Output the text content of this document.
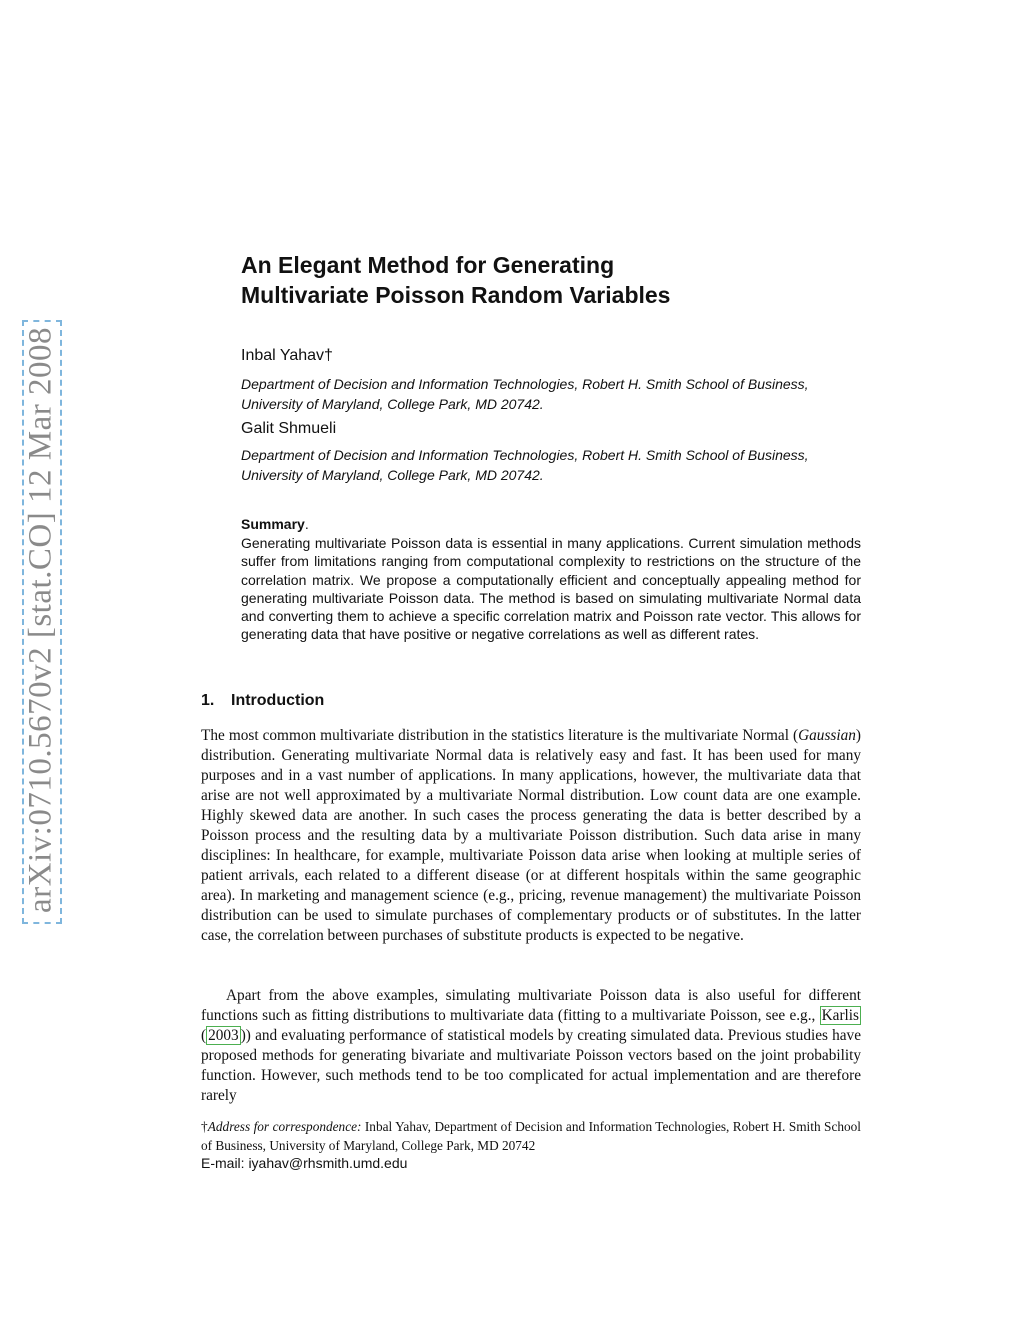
arXiv:0710.5670v2 [stat.CO] 12 Mar 2008
An Elegant Method for Generating
Multivariate Poisson Random Variables
Inbal Yahav†
Department of Decision and Information Technologies, Robert H. Smith School of Business,
University of Maryland, College Park, MD 20742.
Galit Shmueli
Department of Decision and Information Technologies, Robert H. Smith School of Business,
University of Maryland, College Park, MD 20742.
Summary.
Generating multivariate Poisson data is essential in many applications. Current simulation methods suffer from limitations ranging from computational complexity to restrictions on the structure of the correlation matrix. We propose a computationally efficient and conceptually appealing method for generating multivariate Poisson data. The method is based on simulating multivariate Normal data and converting them to achieve a specific correlation matrix and Poisson rate vector. This allows for generating data that have positive or negative correlations as well as different rates.
1. Introduction

The most common multivariate distribution in the statistics literature is the multivariate Normal (Gaussian) distribution. Generating multivariate Normal data is relatively easy and fast. It has been used for many purposes and in a vast number of applications. In many applications, however, the multivariate data that arise are not well approximated by a multivariate Normal distribution. Low count data are one example. Highly skewed data are another. In such cases the process generating the data is better described by a Poisson process and the resulting data by a multivariate Poisson distribution. Such data arise in many disciplines: In healthcare, for example, multivariate Poisson data arise when looking at multiple series of patient arrivals, each related to a different disease (or at different hospitals within the same geographic area). In marketing and management science (e.g., pricing, revenue management) the multivariate Poisson distribution can be used to simulate purchases of complementary products or of substitutes. In the latter case, the correlation between purchases of substitute products is expected to be negative.

Apart from the above examples, simulating multivariate Poisson data is also useful for different functions such as fitting distributions to multivariate data (fitting to a multivariate Poisson, see e.g., Karlis ( 2003 )) and evaluating performance of statistical models by creating simulated data. Previous studies have proposed methods for generating bivariate and multivariate Poisson vectors based on the joint probability function. However, such methods tend to be too complicated for actual implementation and are therefore rarely

†Address for correspondence: Inbal Yahav, Department of Decision and Information Technologies, Robert H. Smith School of Business, University of Maryland, College Park, MD 20742
E-mail: iyahav@rhsmith.umd.edu
